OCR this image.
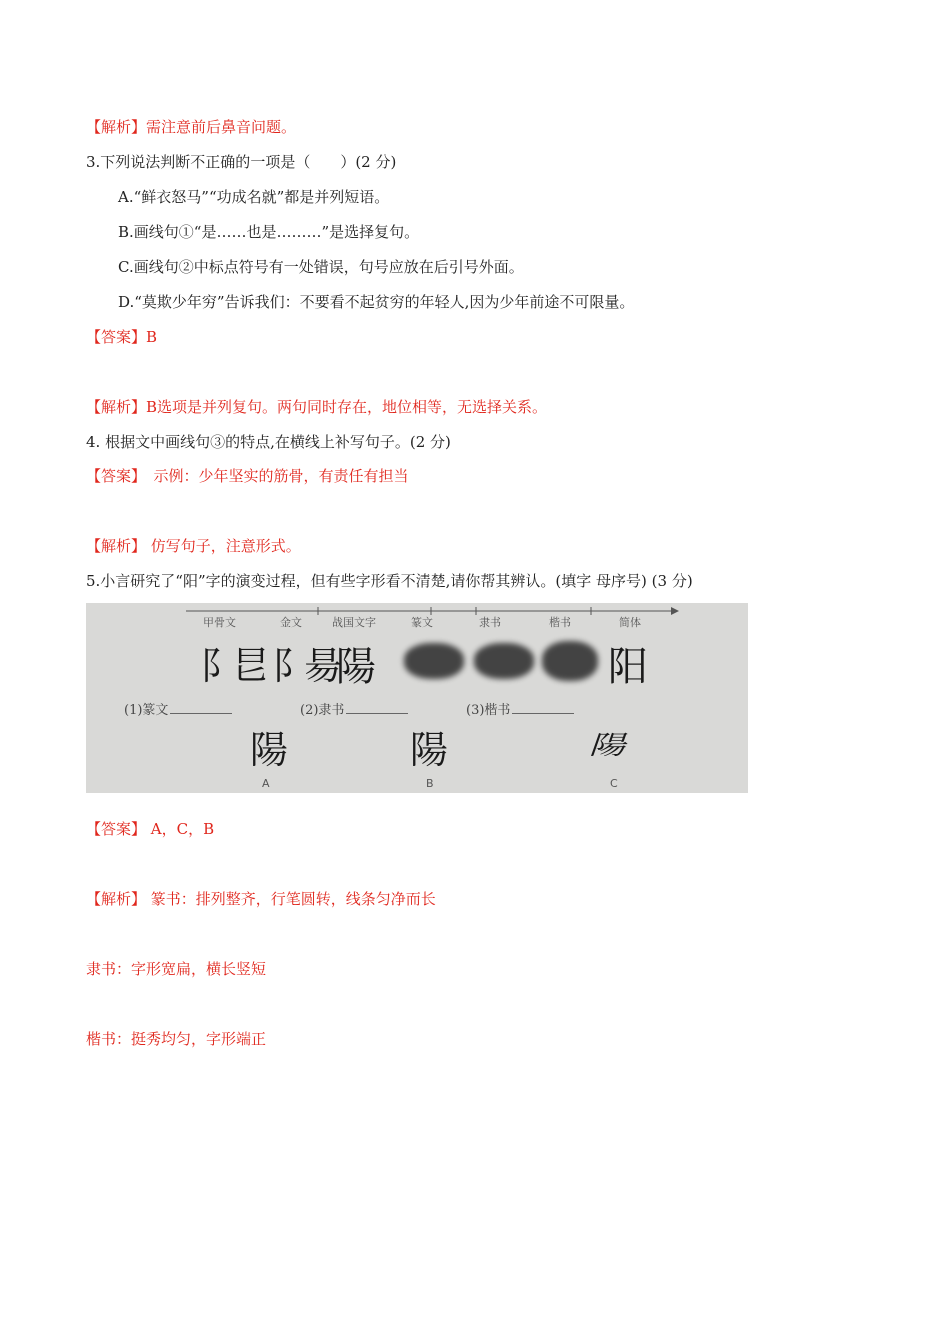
【解析】需注意前后鼻音问题。
3.下列说法判断不正确的一项是（　　）(2 分)
A.“鲜衣怒马”“功成名就”都是并列短语。
B.画线句①“是……也是………”是选择复句。
C.画线句②中标点符号有一处错误，句号应放在后引号外面。
D.“莫欺少年穷”告诉我们：不要看不起贫穷的年轻人,因为少年前途不可限量。
【答案】B
【解析】B选项是并列复句。两句同时存在，地位相等，无选择关系。
4. 根据文中画线句③的特点,在横线上补写句子。(2 分)
【答案】　示例：少年坚实的筋骨，有责任有担当
【解析】 仿写句子，注意形式。
5.小言研究了“阳”字的演变过程，但有些字形看不清楚,请你帮其辨认。(填字 母序号) (3 分)
甲骨文	金文	战国文字	篆文	隶书	楷书	简体
阝㫐 阝昜 陽	阳
(1)篆文	(2)隶书	(3)楷书
陽	陽	陽
A	B	C
【答案】 A，C，B
【解析】 篆书：排列整齐，行笔圆转，线条匀净而长
隶书：字形宽扁，横长竖短
楷书：挺秀均匀，字形端正
